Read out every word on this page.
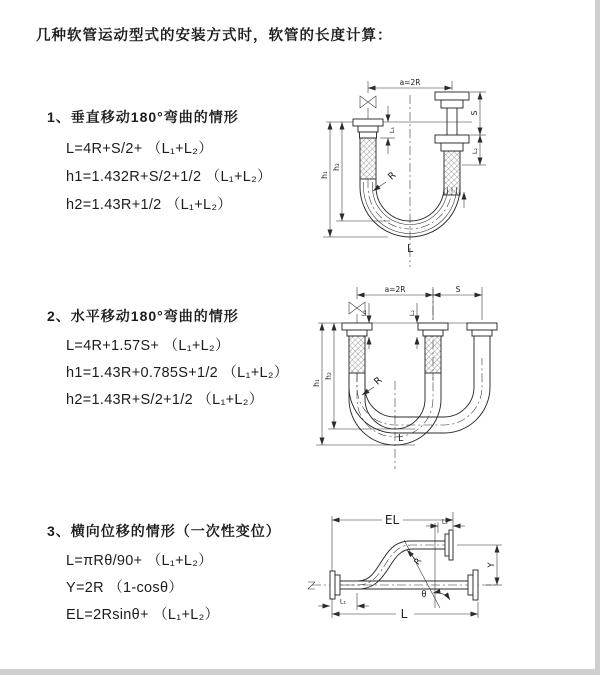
几种软管运动型式的安装方式时，软管的长度计算：
1、垂直移动180°弯曲的情形
L=4R+S/2+ （L₁+L₂）
h1=1.432R+S/2+1/2 （L₁+L₂）
h2=1.43R+1/2 （L₁+L₂）
2、水平移动180°弯曲的情形
L=4R+1.57S+ （L₁+L₂）
h1=1.43R+0.785S+1/2 （L₁+L₂）
h2=1.43R+S/2+1/2 （L₁+L₂）
3、横向位移的情形（一次性变位）
L=πRθ/90+ （L₁+L₂）
Y=2R （1-cosθ）
EL=2Rsinθ+ （L₁+L₂）
a=2R
L₁
S
L₂
h₁
h₂
R
L
a=2R	S
L₁	L₂
h₁
h₂	R
L
EL	L₂
Y
θ
R
L₁
L
